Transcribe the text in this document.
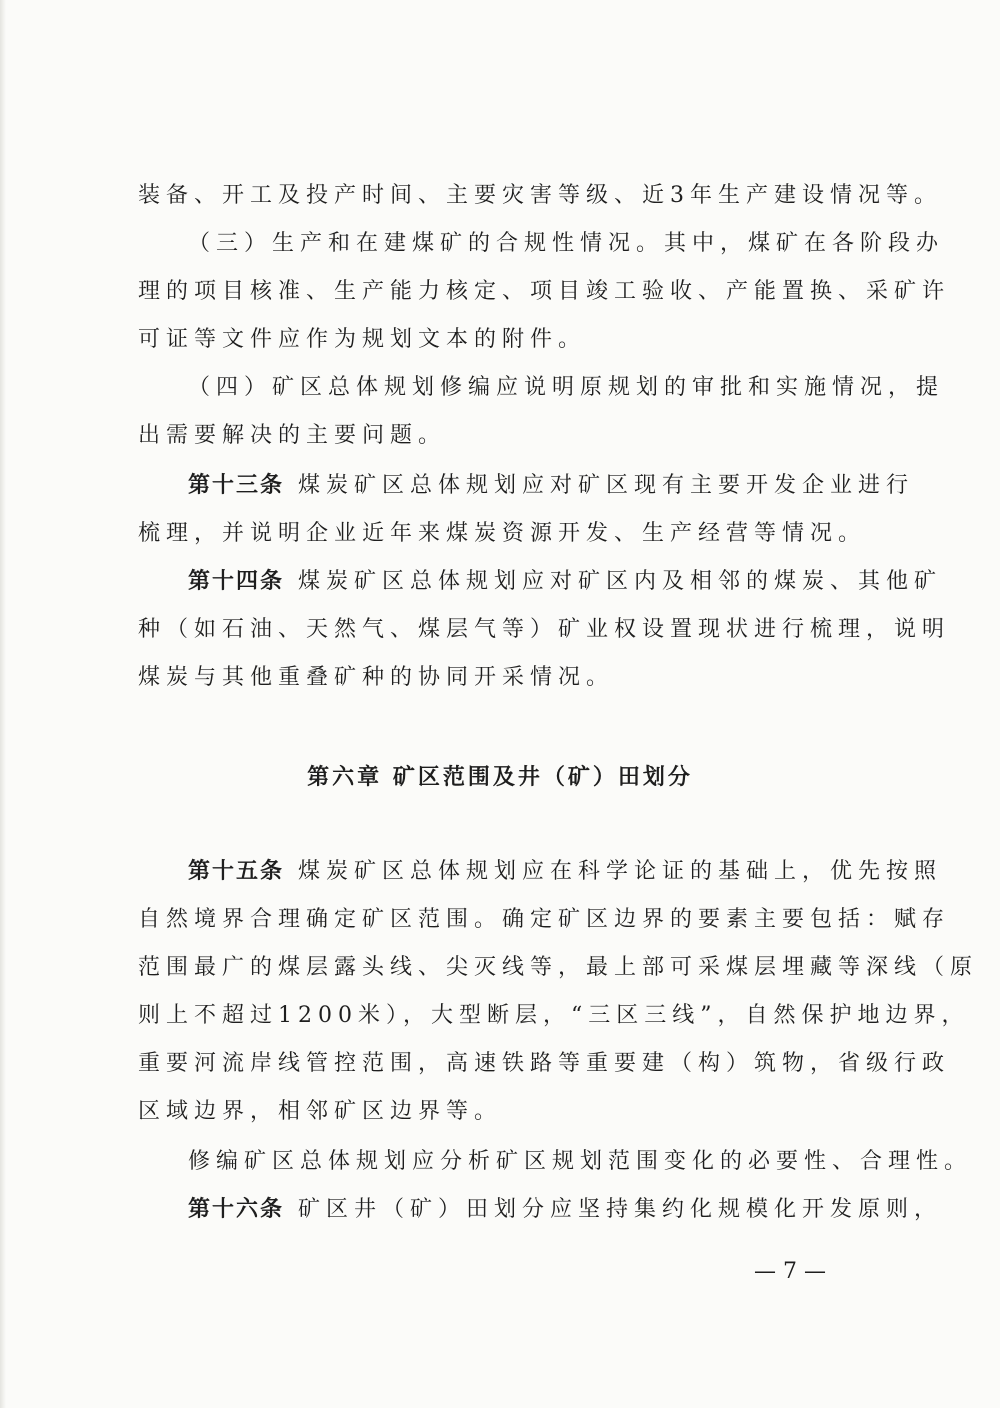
装备、开工及投产时间、主要灾害等级、近3年生产建设情况等。
（三）生产和在建煤矿的合规性情况。其中，煤矿在各阶段办
理的项目核准、生产能力核定、项目竣工验收、产能置换、采矿许
可证等文件应作为规划文本的附件。
（四）矿区总体规划修编应说明原规划的审批和实施情况，提
出需要解决的主要问题。
第十三条 煤炭矿区总体规划应对矿区现有主要开发企业进行
梳理，并说明企业近年来煤炭资源开发、生产经营等情况。
第十四条 煤炭矿区总体规划应对矿区内及相邻的煤炭、其他矿
种（如石油、天然气、煤层气等）矿业权设置现状进行梳理，说明
煤炭与其他重叠矿种的协同开采情况。
第六章 矿区范围及井（矿）田划分
第十五条 煤炭矿区总体规划应在科学论证的基础上，优先按照
自然境界合理确定矿区范围。确定矿区边界的要素主要包括：赋存
范围最广的煤层露头线、尖灭线等，最上部可采煤层埋藏等深线（原
则上不超过1200米），大型断层，“三区三线”，自然保护地边界，
重要河流岸线管控范围，高速铁路等重要建（构）筑物，省级行政
区域边界，相邻矿区边界等。
修编矿区总体规划应分析矿区规划范围变化的必要性、合理性。
第十六条 矿区井（矿）田划分应坚持集约化规模化开发原则，
— 7 —
